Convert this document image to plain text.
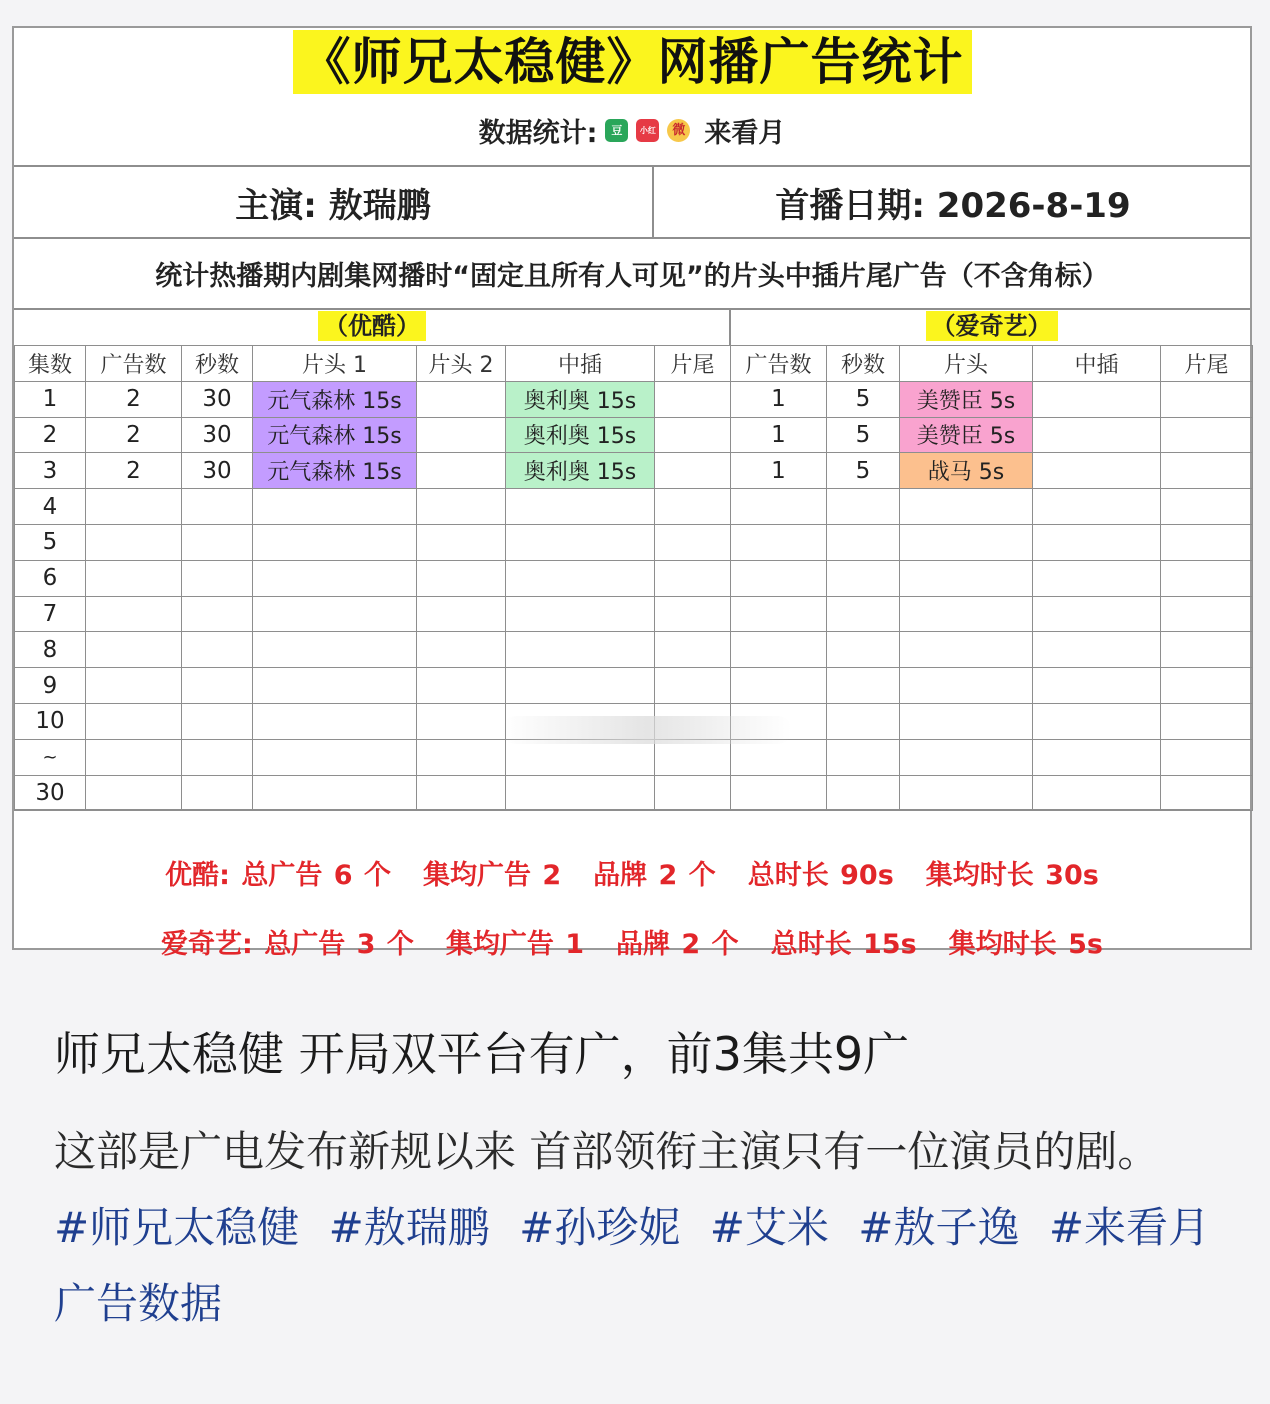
《师兄太稳健》网播广告统计
数据统计:	豆	小红书
微 来看月
主演: 敖瑞鹏	首播日期: 2026-8-19
统计热播期内剧集网播时“固定且所有人可见”的片头中插片尾广告（不含角标）
（优酷）	（爱奇艺）
集数	广告数	秒数	片头 1	片头 2	中插	片尾	广告数	秒数	片头	中插	片尾
1	2	30	元气森林 15s		奥利奥 15s		1	5	美赞臣 5s		
2	2	30	元气森林 15s		奥利奥 15s		1	5	美赞臣 5s		
3	2	30	元气森林 15s		奥利奥 15s		1	5	战马 5s		
4											
5											
6											
7											
8											
9											
10											
~											
30											
优酷: 总广告 6 个 集均广告 2 品牌 2 个 总时长 90s 集均时长 30s
爱奇艺: 总广告 3 个 集均广告 1 品牌 2 个 总时长 15s 集均时长 5s
师兄太稳健 开局双平台有广，前3集共9广
这部是广电发布新规以来 首部领衔主演只有一位演员的剧。
#师兄太稳健 #敖瑞鹏 #孙珍妮 #艾米 #敖子逸 #来看月广告数据
